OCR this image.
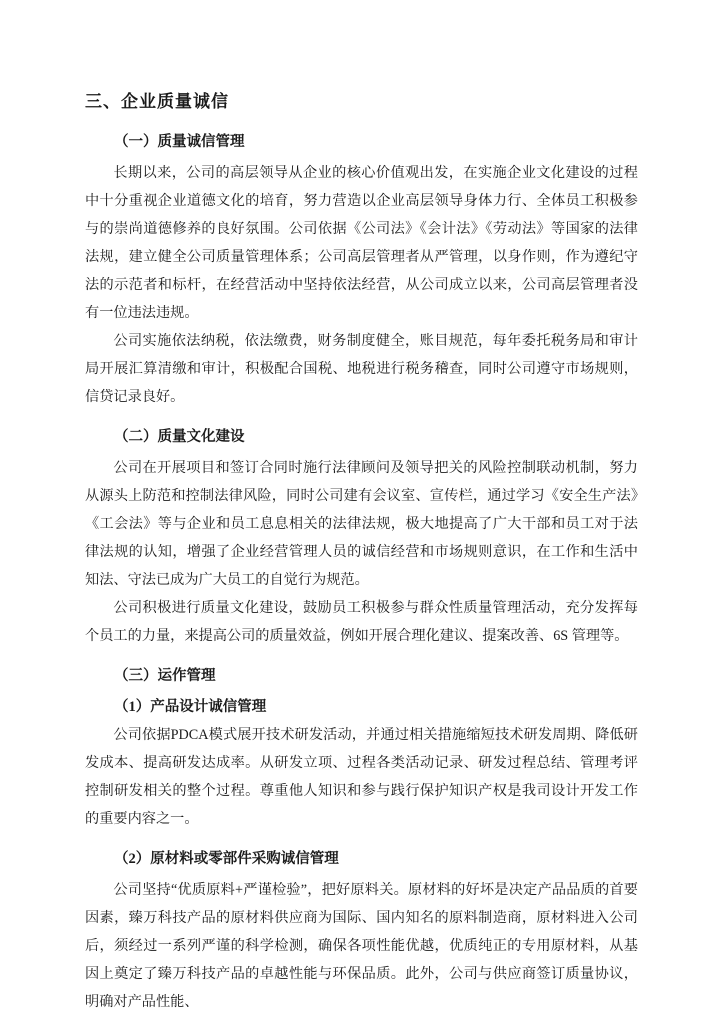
三、企业质量诚信
（一）质量诚信管理
长期以来，公司的高层领导从企业的核心价值观出发，在实施企业文化建设的过程中十分重视企业道德文化的培育，努力营造以企业高层领导身体力行、全体员工积极参与的崇尚道德修养的良好氛围。公司依据《公司法》《会计法》《劳动法》等国家的法律法规，建立健全公司质量管理体系；公司高层管理者从严管理，以身作则，作为遵纪守法的示范者和标杆，在经营活动中坚持依法经营，从公司成立以来，公司高层管理者没有一位违法违规。
公司实施依法纳税，依法缴费，财务制度健全，账目规范，每年委托税务局和审计局开展汇算清缴和审计，积极配合国税、地税进行税务稽查，同时公司遵守市场规则，信贷记录良好。
（二）质量文化建设
公司在开展项目和签订合同时施行法律顾问及领导把关的风险控制联动机制，努力从源头上防范和控制法律风险，同时公司建有会议室、宣传栏，通过学习《安全生产法》《工会法》等与企业和员工息息相关的法律法规，极大地提高了广大干部和员工对于法律法规的认知，增强了企业经营管理人员的诚信经营和市场规则意识，在工作和生活中知法、守法已成为广大员工的自觉行为规范。
公司积极进行质量文化建设，鼓励员工积极参与群众性质量管理活动，充分发挥每个员工的力量，来提高公司的质量效益，例如开展合理化建议、提案改善、6S 管理等。
（三）运作管理
（1）产品设计诚信管理
公司依据PDCA模式展开技术研发活动，并通过相关措施缩短技术研发周期、降低研发成本、提高研发达成率。从研发立项、过程各类活动记录、研发过程总结、管理考评控制研发相关的整个过程。尊重他人知识和参与践行保护知识产权是我司设计开发工作的重要内容之一。
（2）原材料或零部件采购诚信管理
公司坚持“优质原料+严谨检验”，把好原料关。原材料的好坏是决定产品品质的首要因素，臻万科技产品的原材料供应商为国际、国内知名的原料制造商，原材料进入公司后，须经过一系列严谨的科学检测，确保各项性能优越，优质纯正的专用原材料，从基因上奠定了臻万科技产品的卓越性能与环保品质。此外，公司与供应商签订质量协议，明确对产品性能、
